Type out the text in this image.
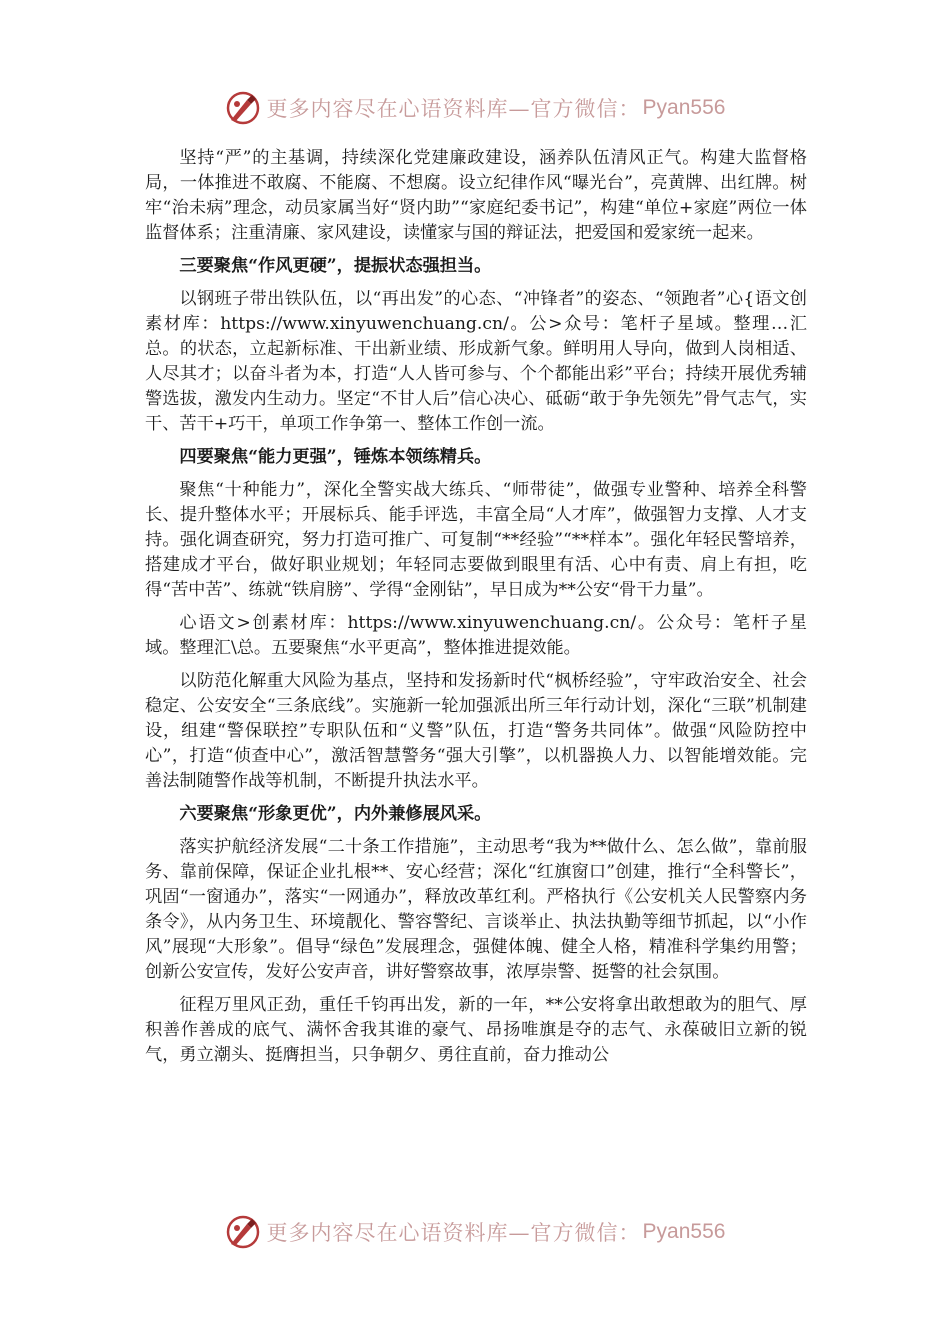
更多内容尽在心语资料库—官方微信： Pyan556

坚持“严”的主基调，持续深化党建廉政建设，涵养队伍清风正气。构建大监督格局，一体推进不敢腐、不能腐、不想腐。设立纪律作风“曝光台”，亮黄牌、出红牌。树牢“治未病”理念，动员家属当好“贤内助”“家庭纪委书记”，构建“单位+家庭”两位一体监督体系；注重清廉、家风建设，读懂家与国的辩证法，把爱国和爱家统一起来。

三要聚焦“作风更硬”，提振状态强担当。

以钢班子带出铁队伍，以“再出发”的心态、“冲锋者”的姿态、“领跑者”心{语文创素材库：https://www.xinyuwenchuang.cn/。公>众号：笔杆子星域。整理…汇总。的状态，立起新标准、干出新业绩、形成新气象。鲜明用人导向，做到人岗相适、人尽其才；以奋斗者为本，打造“人人皆可参与、个个都能出彩”平台；持续开展优秀辅警选拔，激发内生动力。坚定“不甘人后”信心决心、砥砺“敢于争先领先”骨气志气，实干、苦干+巧干，单项工作争第一、整体工作创一流。

四要聚焦“能力更强”，锤炼本领练精兵。

聚焦“十种能力”，深化全警实战大练兵、“师带徒”，做强专业警种、培养全科警长、提升整体水平；开展标兵、能手评选，丰富全局“人才库”，做强智力支撑、人才支持。强化调查研究，努力打造可推广、可复制“**经验”“**样本”。强化年轻民警培养，搭建成才平台，做好职业规划；年轻同志要做到眼里有活、心中有责、肩上有担，吃得“苦中苦”、练就“铁肩膀”、学得“金刚钻”，早日成为**公安“骨干力量”。

心语文>创素材库：https://www.xinyuwenchuang.cn/。公众号：笔杆子星域。整理汇\总。五要聚焦“水平更高”，整体推进提效能。

以防范化解重大风险为基点，坚持和发扬新时代“枫桥经验”，守牢政治安全、社会稳定、公安安全“三条底线”。实施新一轮加强派出所三年行动计划，深化“三联”机制建设，组建“警保联控”专职队伍和“义警”队伍，打造“警务共同体”。做强“风险防控中心”，打造“侦查中心”，激活智慧警务“强大引擎”，以机器换人力、以智能增效能。完善法制随警作战等机制，不断提升执法水平。

六要聚焦“形象更优”，内外兼修展风采。

落实护航经济发展“二十条工作措施”，主动思考“我为**做什么、怎么做”，靠前服务、靠前保障，保证企业扎根**、安心经营；深化“红旗窗口”创建，推行“全科警长”，巩固“一窗通办”，落实“一网通办”，释放改革红利。严格执行《公安机关人民警察内务条令》，从内务卫生、环境靓化、警容警纪、言谈举止、执法执勤等细节抓起，以“小作风”展现“大形象”。倡导“绿色”发展理念，强健体魄、健全人格，精准科学集约用警；创新公安宣传，发好公安声音，讲好警察故事，浓厚崇警、挺警的社会氛围。

征程万里风正劲，重任千钧再出发，新的一年，**公安将拿出敢想敢为的胆气、厚积善作善成的底气、满怀舍我其谁的豪气、昂扬唯旗是夺的志气、永葆破旧立新的锐气，勇立潮头、挺膺担当，只争朝夕、勇往直前，奋力推动公

更多内容尽在心语资料库—官方微信： Pyan556
